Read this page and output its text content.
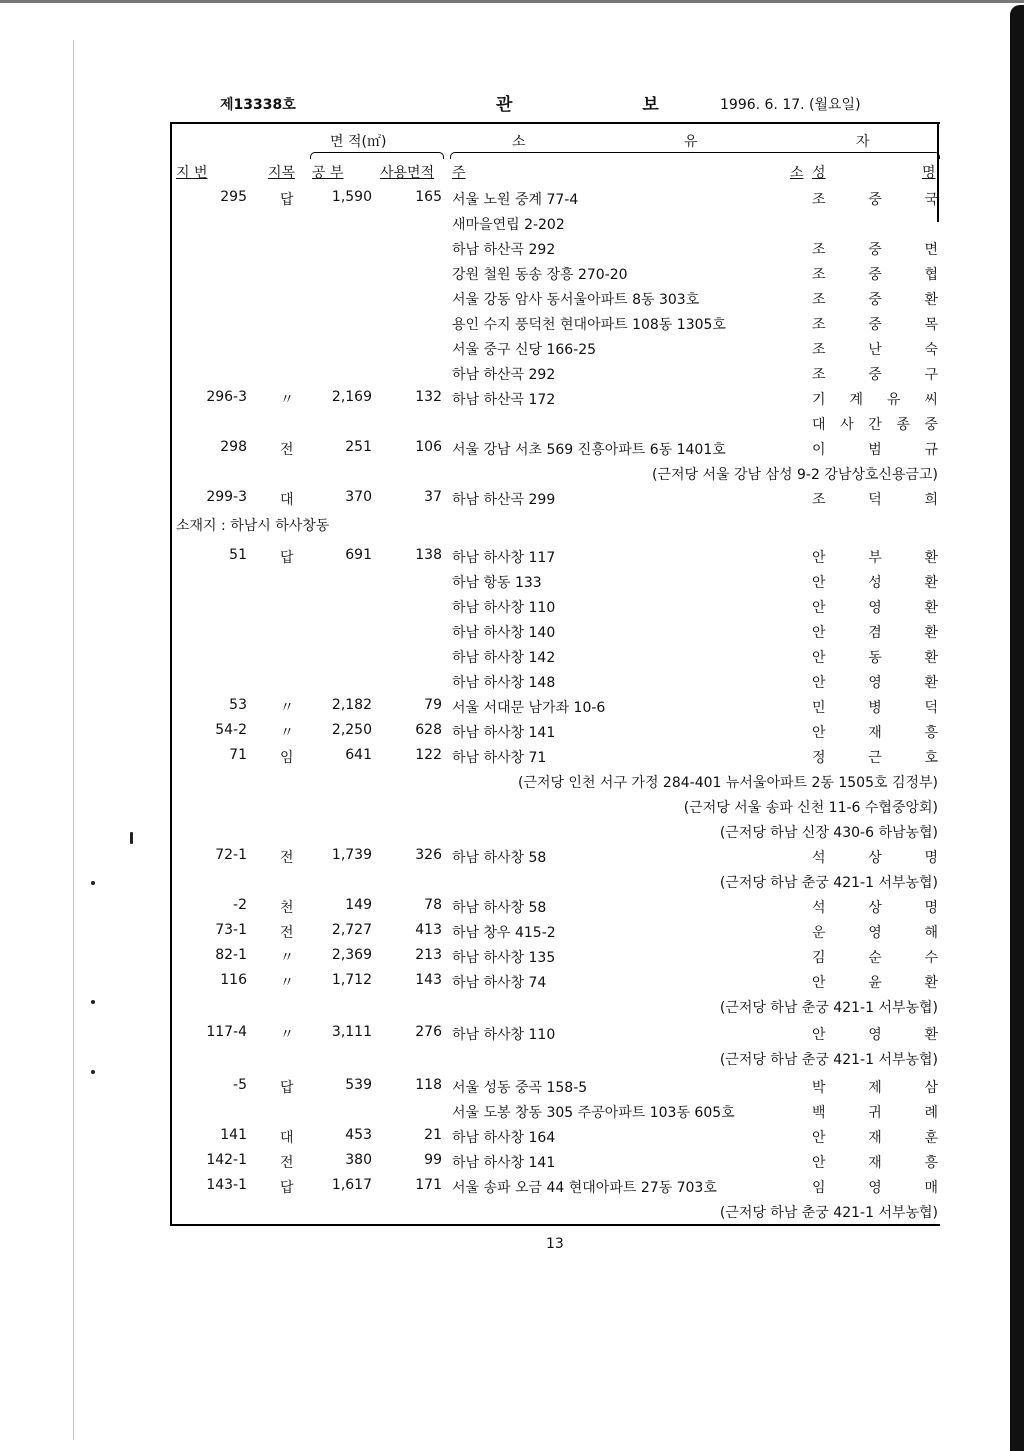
제13338호	관 보 1996. 6. 17. (월요일)
면 적(㎡)	소	유	자
지 번	지목 공 부	사용면적 주	소 성	명
295 답	1,590	165 서울 노원 중계 77-4	조	중	국
새마을연립 2-202
하남 하산곡 292	조	중	면
강원 철원 동송 장흥 270-20	조	중	협
서울 강동 암사 동서울아파트 8동 303호	조	중	환
용인 수지 풍덕천 현대아파트 108동 1305호	조	중	목
서울 중구 신당 166-25	조	난	숙
하남 하산곡 292	조	중	구
296-3 〃	2,169	132 하남 하산곡 172	기 계 유 씨
대 사 간 종 중
298 전	251	106 서울 강남 서초 569 진흥아파트 6동 1401호	이	범	규
(근저당 서울 강남 삼성 9-2 강남상호신용금고)
299-3 대	370	37 하남 하산곡 299	조	덕	희
소재지 : 하남시 하사창동
51 답	691	138 하남 하사창 117	안	부	환
하남 항동 133	안	성	환
하남 하사창 110	안	영	환
하남 하사창 140	안	겸	환
하남 하사창 142	안	동	환
하남 하사창 148	안	영	환
53 〃	2,182	79 서울 서대문 남가좌 10-6	민	병	덕
54-2 〃	2,250	628 하남 하사창 141	안	재	흥
71 임	641	122 하남 하사창 71	정	근	호
(근저당 인천 서구 가정 284-401 뉴서울아파트 2동 1505호 김정부)
(근저당 서울 송파 신천 11-6 수협중앙회)
(근저당 하남 신장 430-6 하남농협)
72-1 전	1,739	326 하남 하사창 58	석	상	명
(근저당 하남 춘궁 421-1 서부농협)
-2 천	149	78 하남 하사창 58	석	상	명
73-1 전	2,727	413 하남 창우 415-2	운	영	해
82-1 〃	2,369	213 하남 하사창 135	김	순	수
116 〃	1,712	143 하남 하사창 74	안	윤	환
(근저당 하남 춘궁 421-1 서부농협)
117-4 〃	3,111	276 하남 하사창 110	안	영	환
(근저당 하남 춘궁 421-1 서부농협)
-5 답	539	118 서울 성동 중곡 158-5	박	제	삼
서울 도봉 창동 305 주공아파트 103동 605호	백	귀	례
141 대	453	21 하남 하사창 164	안	재	훈
142-1 전	380	99 하남 하사창 141	안	재	흥
143-1 답	1,617	171 서울 송파 오금 44 현대아파트 27동 703호	임	영	매
(근저당 하남 춘궁 421-1 서부농협)
13
